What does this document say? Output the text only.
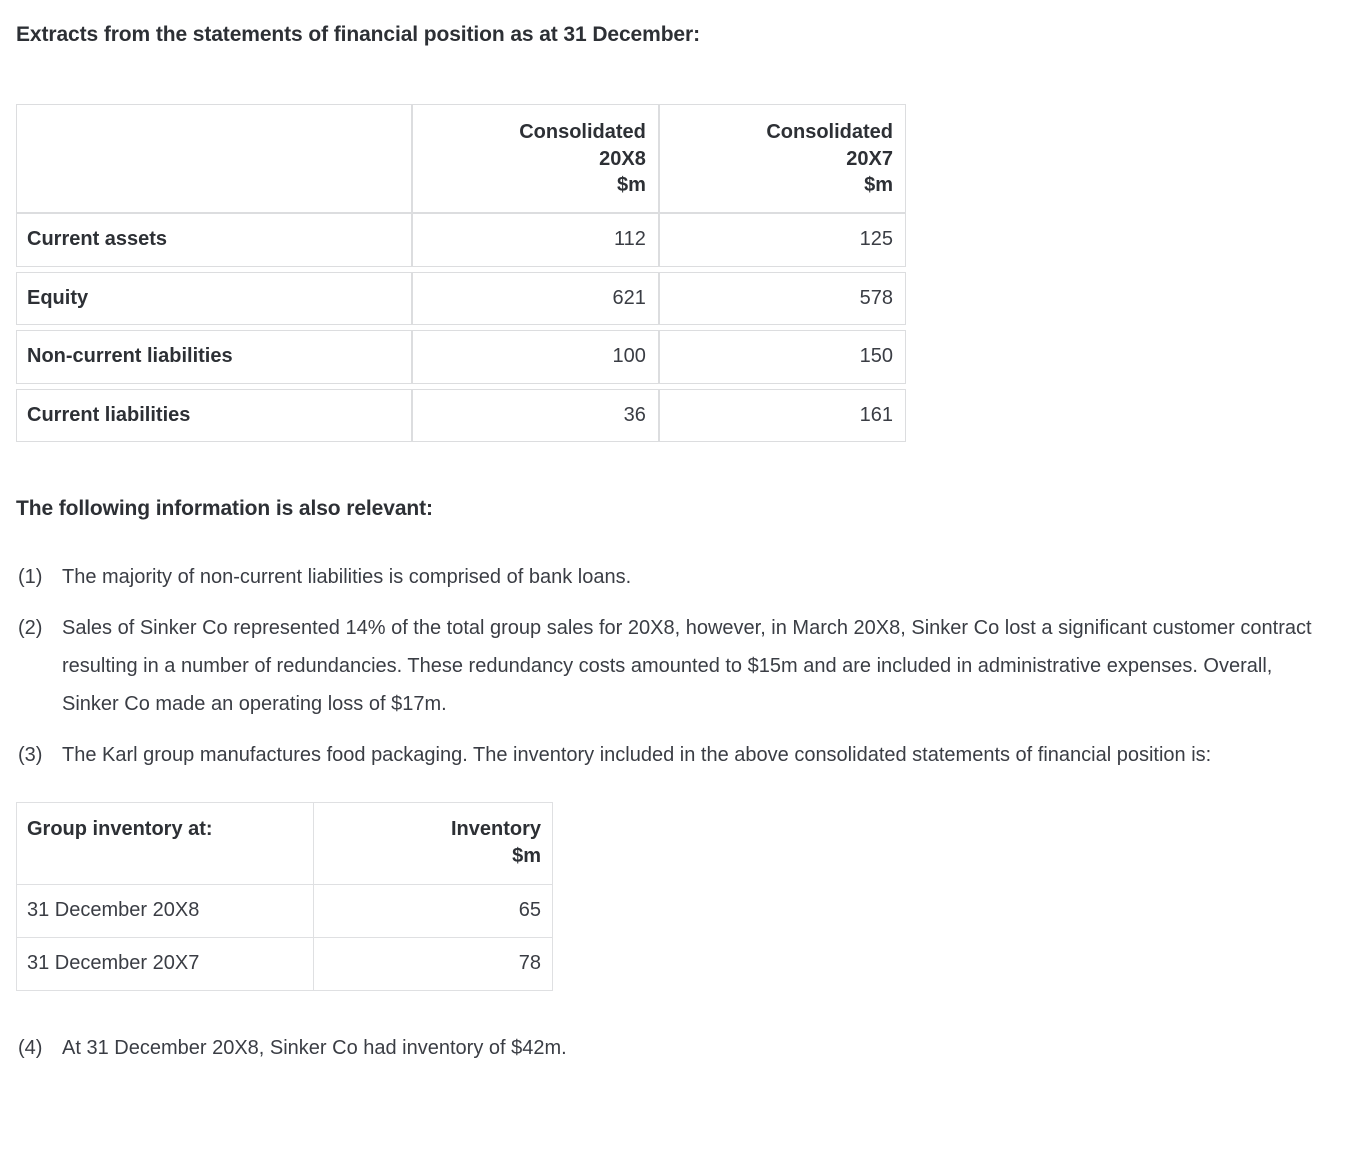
Extracts from the statements of financial position as at 31 December:

	Consolidated
20X8
$m	Consolidated
20X7
$m

Current assets	112	125

Equity	621	578

Non-current liabilities	100	150

Current liabilities	36	161
The following information is also relevant:
(1) The majority of non-current liabilities is comprised of bank loans.
(2) Sales of Sinker Co represented 14% of the total group sales for 20X8, however, in March 20X8, Sinker Co lost a significant customer contract resulting in a number of redundancies. These redundancy costs amounted to $15m and are included in administrative expenses. Overall, Sinker Co made an operating loss of $17m.
(3) The Karl group manufactures food packaging. The inventory included in the above consolidated statements of financial position is:
Group inventory at:	Inventory
$m

31 December 20X8	65
31 December 20X7	78
(4) At 31 December 20X8, Sinker Co had inventory of $42m.
